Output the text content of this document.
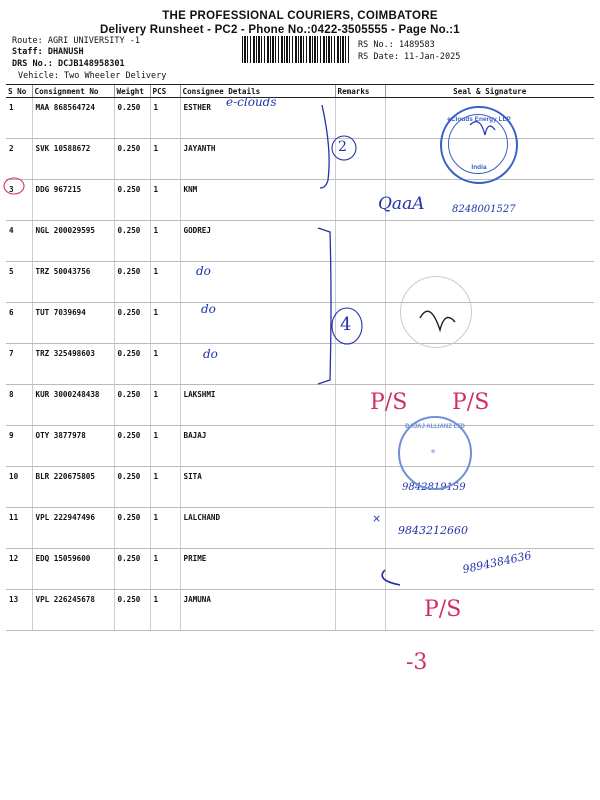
THE PROFESSIONAL COURIERS, COIMBATORE
Delivery Runsheet - PC2 - Phone No.:0422-3505555 - Page No.:1
Route: AGRI UNIVERSITY -1
Staff: DHANUSH
DRS No.: DCJB148958301
Vehicle: Two Wheeler Delivery
RS No.: 1489583
RS Date: 11-Jan-2025
S No	Consignment No	Weight	PCS	Consignee Details	Remarks	Seal & Signature
1	MAA 868564724	0.250	1	ESTHER		
2	SVK 10588672	0.250	1	JAYANTH		
3	DDG 967215	0.250	1	KNM		
4	NGL 200029595	0.250	1	GODREJ		
5	TRZ 50043756	0.250	1			
6	TUT 7039694	0.250	1			
7	TRZ 325498603	0.250	1			
8	KUR 3000248438	0.250	1	LAKSHMI		
9	OTY 3877978	0.250	1	BAJAJ		
10	BLR 220675805	0.250	1	SITA		
11	VPL 222947496	0.250	1	LALCHAND		
12	EDQ 15059600	0.250	1	PRIME		
13	VPL 226245678	0.250	1	JAMUNA		
e-clouds
2
4
do
do
do
8248001527
QaaA
P/S P/S
9842819159
9843212660
×
9894384636
P/S
-3
eClouds Energy LLP
India
BAJAJ ALLIANZ LTD
*
